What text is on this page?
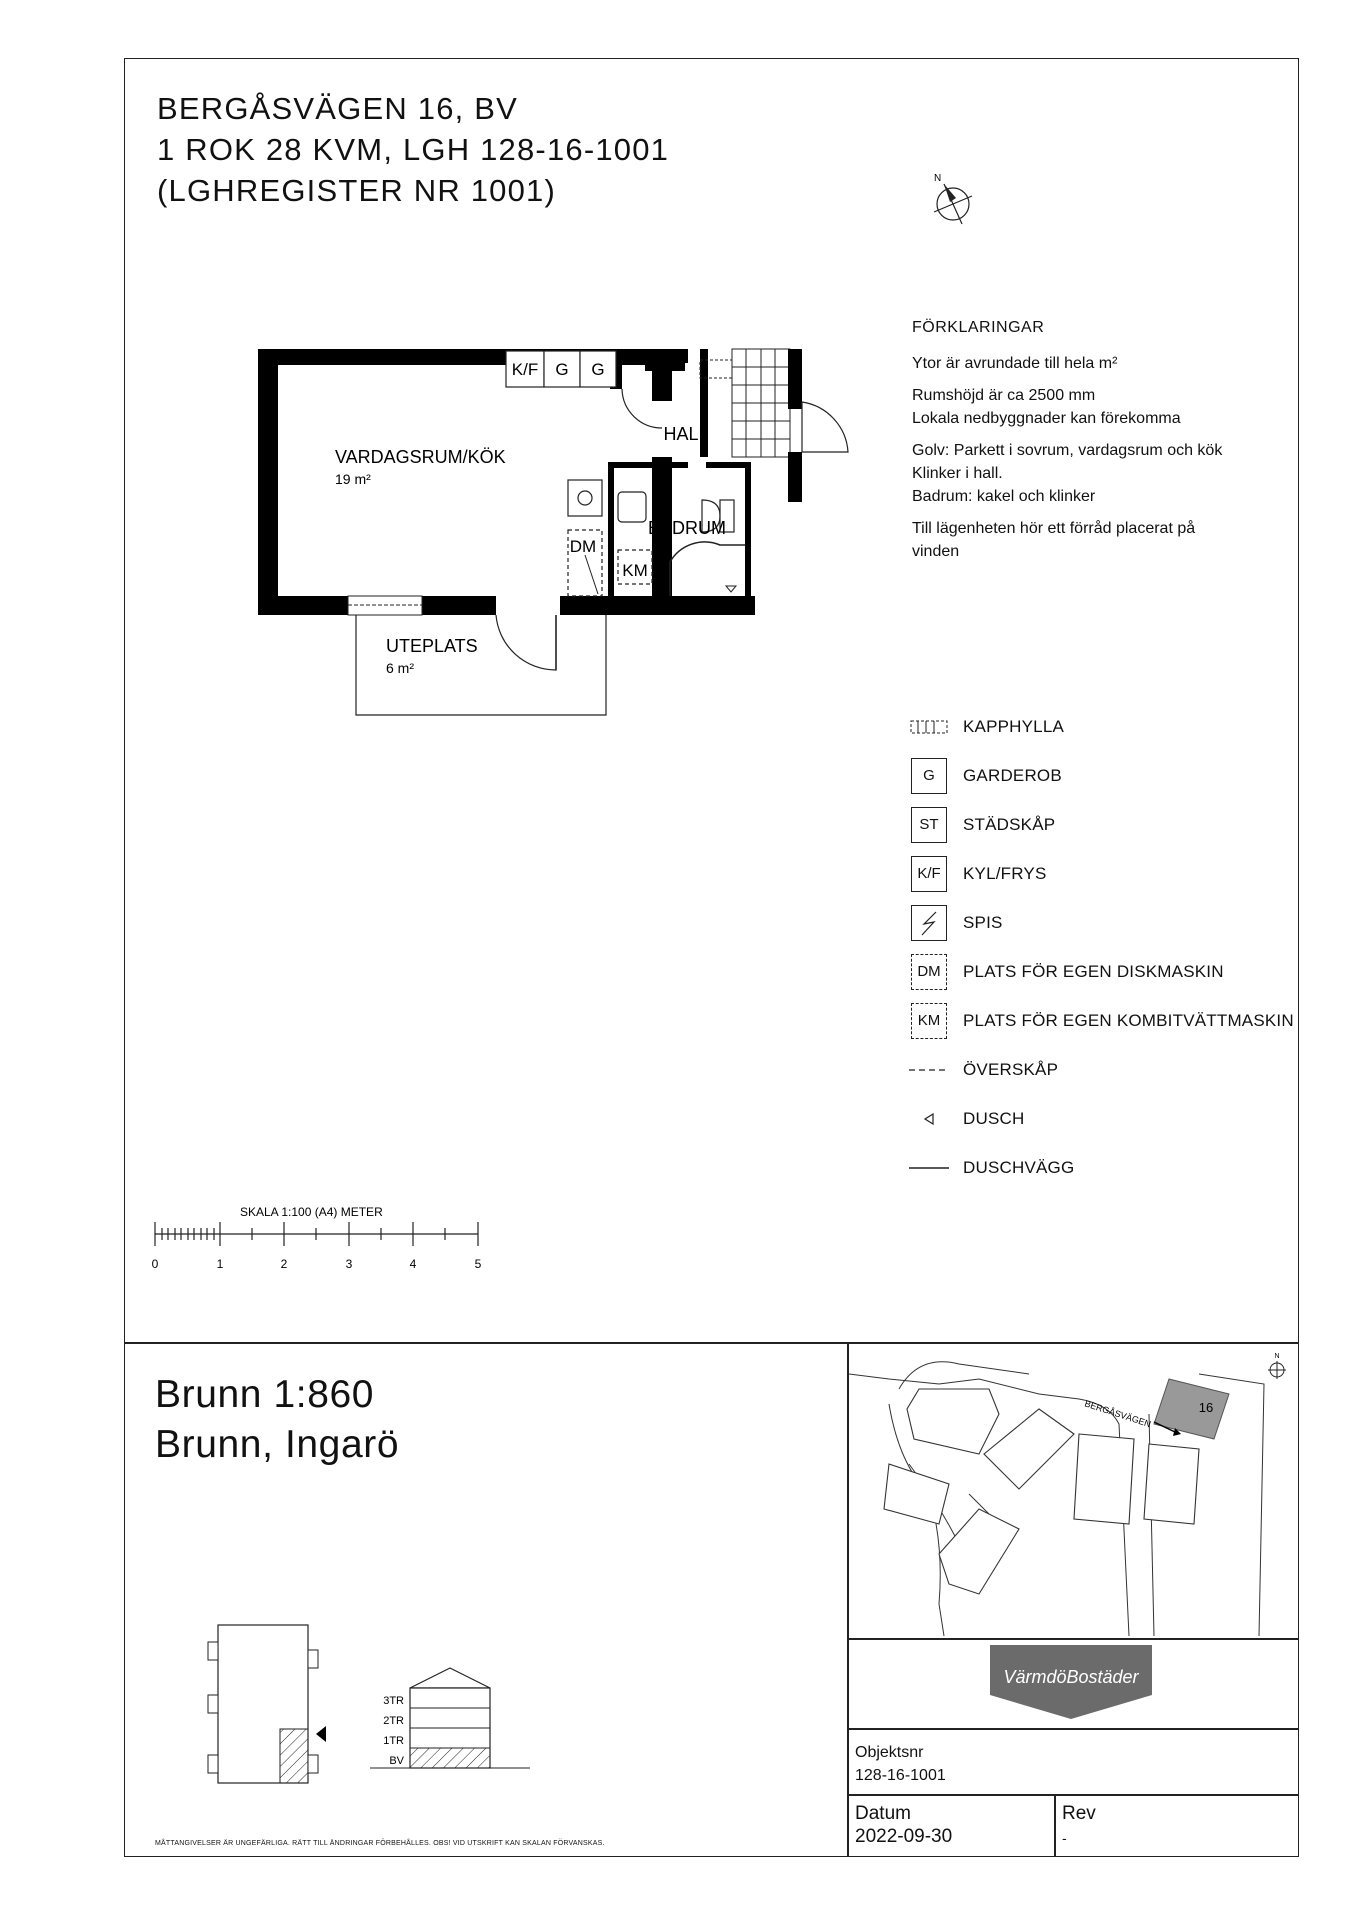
BERGÅSVÄGEN 16, BV
1 ROK 28 KVM, LGH 128-16-1001
(LGHREGISTER NR 1001)	N
FÖRKLARINGAR

Ytor är avrundade till hela m²

Rumshöjd är ca 2500 mm
Lokala nedbyggnader kan förekomma

Golv: Parkett i sovrum, vardagsrum och kök
Klinker i hall.
Badrum: kakel och klinker

Till lägenheten hör ett förråd placerat på
vinden

K/F G G
DM
KM
VARDAGSRUM/KÖK
19 m²
HALL
BADRUM
UTEPLATS
6 m²
KAPPHYLLA
G	GARDEROB
ST	STÄDSKÅP
K/F	KYL/FRYS
SPIS
DM	PLATS FÖR EGEN DISKMASKIN
KM	PLATS FÖR EGEN KOMBITVÄTTMASKIN
ÖVERSKÅP
DUSCH
DUSCHVÄGG
SKALA 1:100 (A4) METER
0	1	2	3	4	5
Brunn 1:860
Brunn, Ingarö
3TR
2TR
1TR
BV
16
BERGÅSVÄGEN
N
VärmdöBostäder
Objektsnr
128-16-1001
Datum
2022-09-30
Rev
-
MÅTTANGIVELSER ÄR UNGEFÄRLIGA. RÄTT TILL ÄNDRINGAR FÖRBEHÅLLES. OBS! VID UTSKRIFT KAN SKALAN FÖRVANSKAS.
